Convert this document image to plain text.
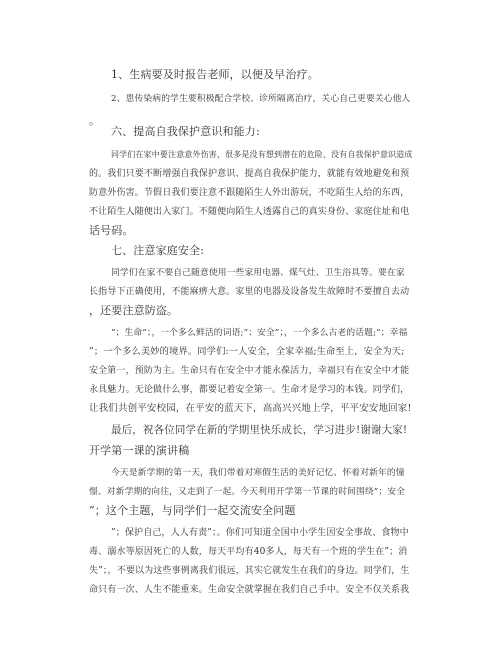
1、生病要及时报告老师，以便及早治疗。
2、患传染病的学生要积极配合学校、诊所隔离治疗，关心自己更要关心他人
。
六、提高自我保护意识和能力:
同学们在家中要注意意外伤害，很多是没有想到潜在的危险、没有自我保护意识造成
的。我们只要不断增强自我保护意识、提高自我保护能力，就能有效地避免和预
防意外伤害。节假日我们要注意不跟随陌生人外出游玩，不吃陌生人给的东西，
不让陌生人随便出入家门。不随便向陌生人透露自己的真实身份、家庭住址和电
话号码。
七、注意家庭安全:
同学们在家不要自己随意使用一些家用电器、煤气灶、卫生浴具等。要在家
长指导下正确使用，不能麻痹大意。家里的电器及设备发生故障时不要擅自去动
，还要注意防盗。
”；生命”；，一个多么鲜活的词语;”；安全”；，一个多么古老的话题;”；幸福
”；一个多么美妙的境界。同学们:一人安全，全家幸福;生命至上，安全为天;
安全第一，预防为主。生命只有在安全中才能永葆活力，幸福只有在安全中才能
永具魅力。无论做什么事，都要记着安全第一。生命才是学习的本钱。同学们，
让我们共创平安校园，在平安的蓝天下，高高兴兴地上学，平平安安地回家!
最后，祝各位同学在新的学期里快乐成长，学习进步!谢谢大家!
开学第一课的演讲稿
今天是新学期的第一天，我们带着对寒假生活的美好记忆、怀着对新年的憧
憬、对新学期的向往，又走到了一起。今天利用开学第一节课的时间围绕”；安全
”；这个主题，与同学们一起交流安全问题
”；保护自己，人人有责”；。你们可知道全国中小学生因安全事故、食物中
毒、溺水等原因死亡的人数，每天平均有40多人，每天有一个班的学生在”；消
失”；，不要以为这些事例离我们很远，其实它就发生在我们的身边。同学们，生
命只有一次、人生不能重来。生命安全就掌握在我们自己手中。安全不仅关系我
